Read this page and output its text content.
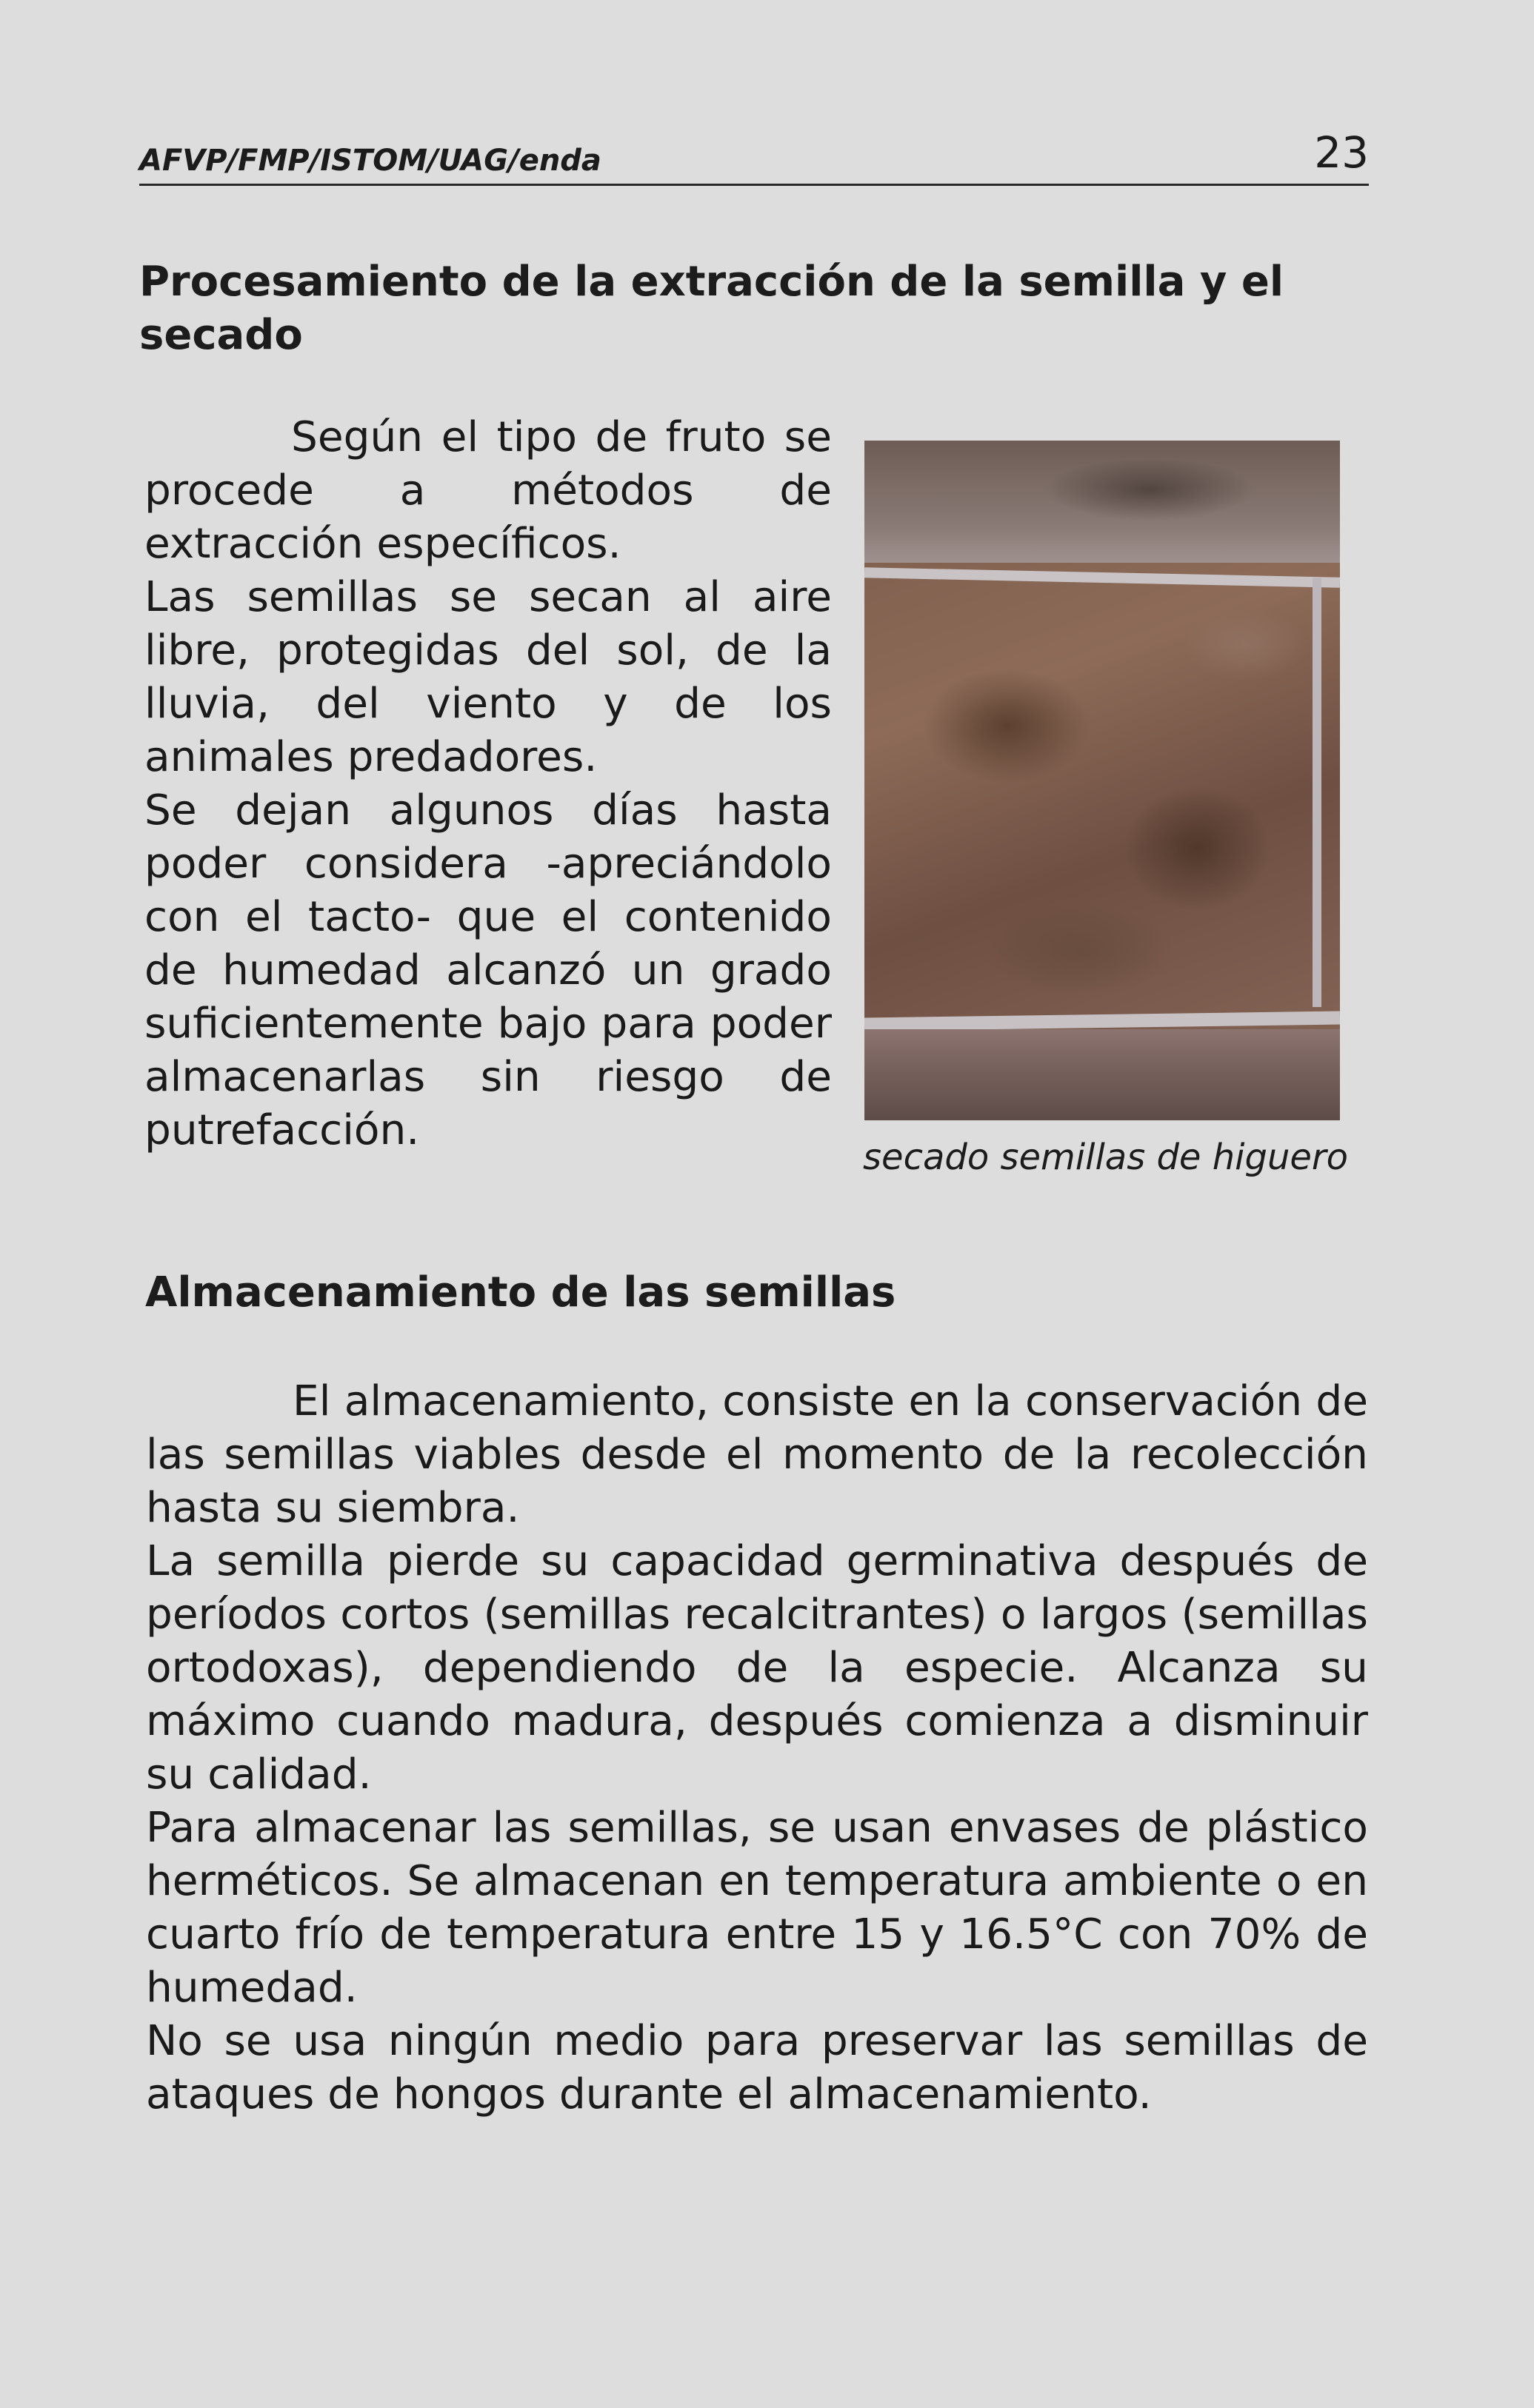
AFVP/FMP/ISTOM/UAG/enda	23
Procesamiento de la extracción de la semilla y el secado

Según el tipo de fruto se procede a métodos de extracción específicos.

Las semillas se secan al aire libre, protegidas del sol, de la lluvia, del viento y de los animales predadores.

Se dejan algunos días hasta poder considera -apreciándolo con el tacto- que el contenido de humedad alcanzó un grado suficientemente bajo para poder almacenarlas sin riesgo de putrefacción.

secado semillas de higuero
Almacenamiento de las semillas

El almacenamiento, consiste en la conservación de las semillas viables desde el momento de la recolección hasta su siembra.

La semilla pierde su capacidad germinativa después de períodos cortos (semillas recalcitrantes) o largos (semillas ortodoxas), dependiendo de la especie. Alcanza su máximo cuando madura, después comienza a disminuir su calidad.

Para almacenar las semillas, se usan envases de plástico herméticos. Se almacenan en temperatura ambiente o en cuarto frío de temperatura entre 15 y 16.5°C con 70% de humedad.

No se usa ningún medio para preservar las semillas de ataques de hongos durante el almacenamiento.
